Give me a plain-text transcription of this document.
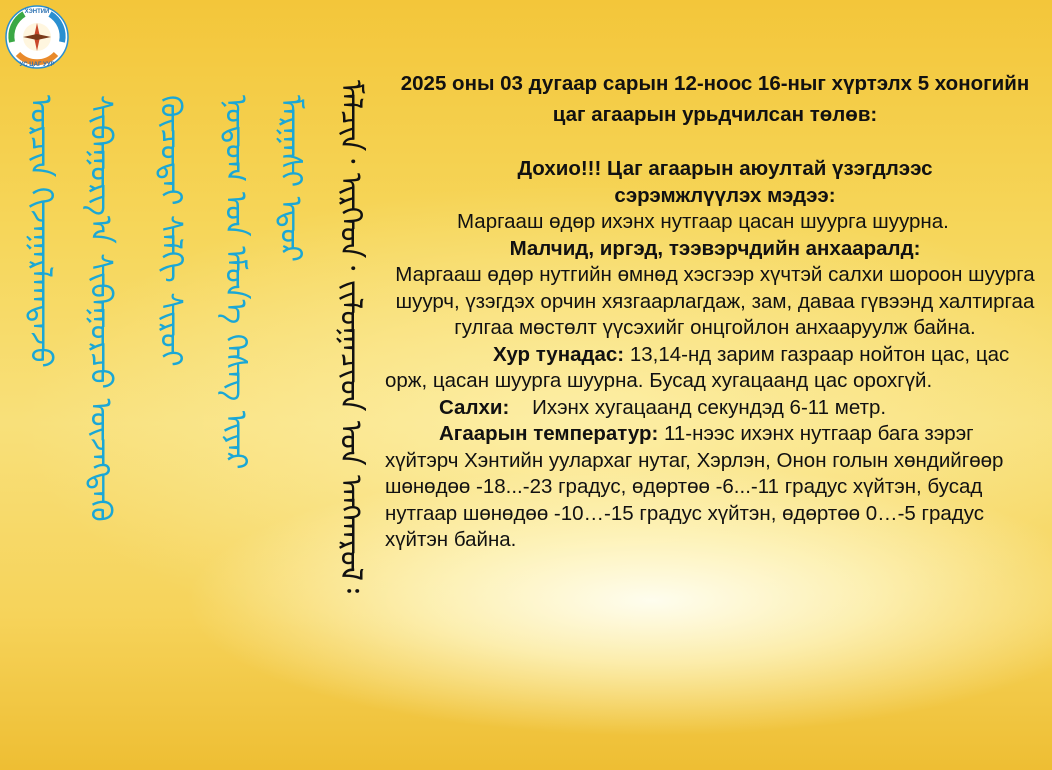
ХЭНТИЙ
УС ЦАГ УУР
ᠮᠠᠯᠴᠢᠨ᠂ ᠢᠷᠭᠡᠳ᠂ ᠵᠢᠯᠤᠭᠠᠴᠢᠳ ᠤᠨ ᠠᠩᠬᠠᠷᠤᠯ᠄
ᠮᠠᠷᠭᠠᠰᠢ ᠡᠳᠦᠷ
ᠨᠤᠲᠤᠭ ᠤᠨ ᠡᠮᠦᠨ᠎ᠡ ᠬᠡᠰᠡᠭ ᠢᠶᠡᠷ
ᠬᠦᠴᠦᠲᠡᠢ ᠰᠠᠯᠬᠢ ᠱᠢᠷᠤᠢ
ᠰᠢᠪᠠᠭᠤᠷᠭ᠎ᠠ ᠰᠢᠪᠠᠭᠤᠷᠴᠤ ᠦᠵᠡᠭᠳᠡᠬᠦ
ᠣᠷᠴᠢᠨ ᠬᠢᠵᠠᠭᠠᠷᠯᠠᠭᠳᠠᠵᠤ

2025 оны 03 дугаар сарын 12-ноос 16-ныг хүртэлх 5 хоногийн цаг агаарын урьдчилсан төлөв:

Дохио!!! Цаг агаарын аюултай үзэгдлээс сэрэмжлүүлэх мэдээ:

Маргааш өдөр ихэнх нутгаар цасан шуурга шуурна.

Малчид, иргэд, тээвэрчдийн анхааралд:

Маргааш өдөр нутгийн өмнөд хэсгээр хүчтэй салхи шороон шуурга шуурч, үзэгдэх орчин хязгаарлагдаж, зам, даваа гүвээнд халтиргаа гулгаа мөстөлт үүсэхийг онцгойлон анхааруулж байна.

Хур тунадас: 13,14-нд зарим газраар нойтон цас, цас орж, цасан шуурга шуурна. Бусад хугацаанд цас орохгүй.

Салхи: Ихэнх хугацаанд секундэд 6-11 метр.

Агаарын температур: 11-нээс ихэнх нутгаар бага зэрэг хүйтэрч Хэнтийн уулархаг нутаг, Хэрлэн, Онон голын хөндийгөөр шөнөдөө -18...-23 градус, өдөртөө -6...-11 градус хүйтэн, бусад нутгаар шөнөдөө -10…-15 градус хүйтэн, өдөртөө 0…-5 градус хүйтэн байна.
